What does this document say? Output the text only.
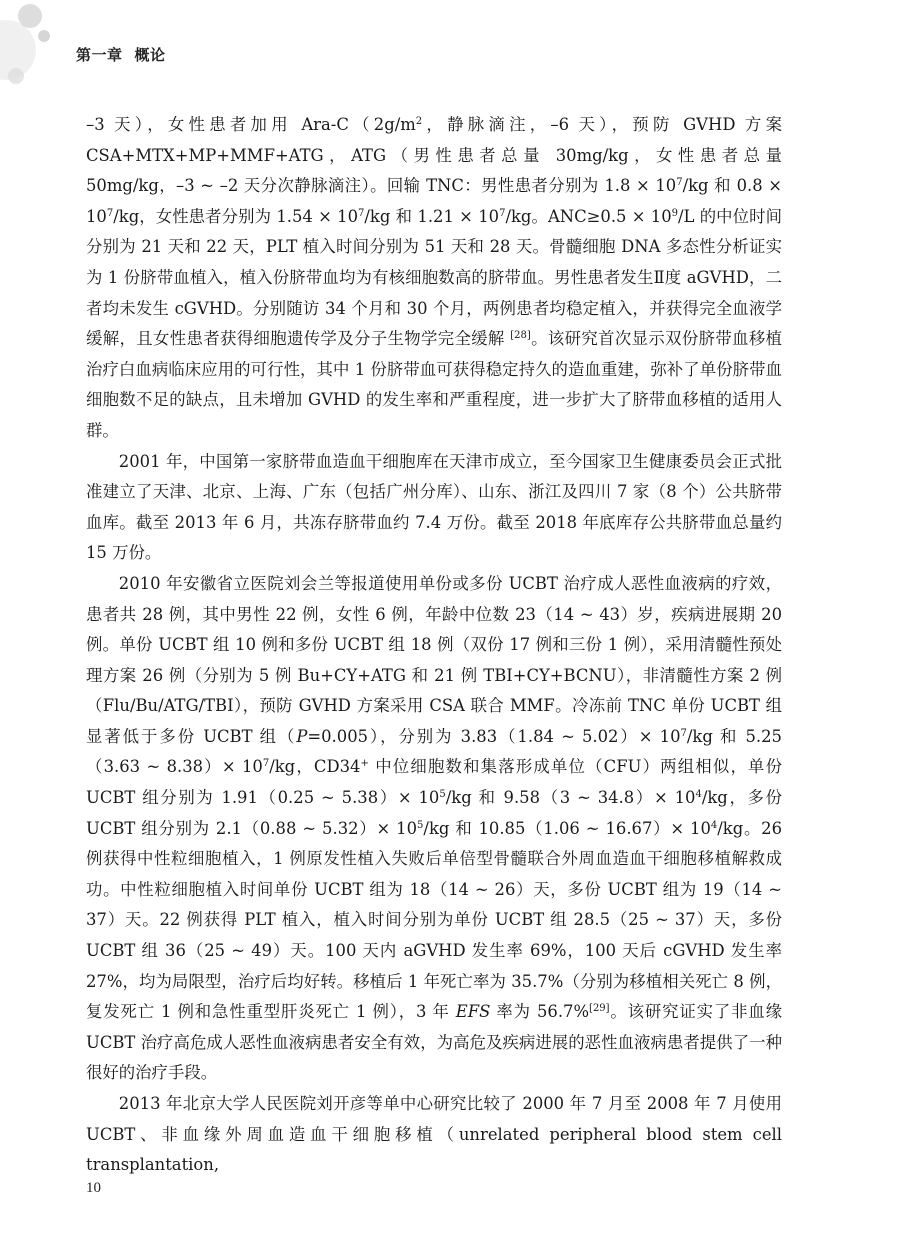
第一章 概论

–3 天），女性患者加用 Ara-$C(2g/m^2$，静脉滴注，–6 天），预防 GVHD 方案 CSA+MTX+MP+MMF+ATG，ATG（男性患者总量 30mg/kg，女性患者总量 50mg/kg，–3 ~ –2 天分次静脉滴注）。回输 TNC：男性患者分别为 $1.8 \times 10^7/kg$ 和 $0.8 \times 10^7/kg$，女性患者分别为 $1.54 \times 10^7/kg$ 和 $1.21 \times 10^7/kg$。$ANC\ge 0.5 \times 10^9/L$ 的中位时间分别为 21 天和 22 天，PLT 植入时间分别为 51 天和 28 天。骨髓细胞 DNA 多态性分析证实为 1 份脐带血植入，植入份脐带血均为有核细胞数高的脐带血。男性患者发生Ⅱ度 aGVHD，二者均未发生 cGVHD。分别随访 34 个月和 30 个月，两例患者均稳定植入，并获得完全血液学缓解，且女性患者获得细胞遗传学及分子生物学完全缓解 [28]。该研究首次显示双份脐带血移植治疗白血病临床应用的可行性，其中 1 份脐带血可获得稳定持久的造血重建，弥补了单份脐带血细胞数不足的缺点，且未增加 GVHD 的发生率和严重程度，进一步扩大了脐带血移植的适用人群。

2001 年，中国第一家脐带血造血干细胞库在天津市成立，至今国家卫生健康委员会正式批准建立了天津、北京、上海、广东（包括广州分库）、山东、浙江及四川 7 家（8 个）公共脐带血库。截至 2013 年 6 月，共冻存脐带血约 7.4 万份。截至 2018 年底库存公共脐带血总量约 15 万份。

2010 年安徽省立医院刘会兰等报道使用单份或多份 UCBT 治疗成人恶性血液病的疗效，患者共 28 例，其中男性 22 例，女性 6 例，年龄中位数 23（14 ~ 43）岁，疾病进展期 20 例。单份 UCBT 组 10 例和多份 UCBT 组 18 例（双份 17 例和三份 1 例），采用清髓性预处理方案 26 例（分别为 5 例 Bu+CY+ATG 和 21 例 TBI+CY+BCNU），非清髓性方案 2 例（Flu/Bu/ATG/TBI），预防 GVHD 方案采用 CSA 联合 MMF。冷冻前 TNC 单份 UCBT 组显著低于多份 UCBT 组（P=0.005），分别为 3.83（1.84 ~ $5.02)\times 10^7/kg$ 和 5.25（3.63 ~ $8.38)\times 10^7/kg$，CD34+ 中位细胞数和集落形成单位（CFU）两组相似，单份 UCBT 组分别为 1.91（0.25 ~ $5.38)\times 10^5/kg$ 和 9.58（3 ~ $34.8)\times 10^4/kg$，多份 UCBT 组分别为 2.1（0.88 ~ $5.32)\times 10^5/kg$ 和 10.85（1.06 ~ $16.67)\times 10^4/kg$。26 例获得中性粒细胞植入，1 例原发性植入失败后单倍型骨髓联合外周血造血干细胞移植解救成功。中性粒细胞植入时间单份 UCBT 组为 18（14 ~ 26）天，多份 UCBT 组为 19（14 ~ 37）天。22 例获得 PLT 植入，植入时间分别为单份 UCBT 组 28.5（25 ~ 37）天，多份 UCBT 组 36（25 ~ 49）天。100 天内 aGVHD 发生率 69%，100 天后 cGVHD 发生率 27%，均为局限型，治疗后均好转。移植后 1 年死亡率为 35.7%（分别为移植相关死亡 8 例，复发死亡 1 例和急性重型肝炎死亡 1 例），3 年 EFS 率为 56.7%[29]。该研究证实了非血缘 UCBT 治疗高危成人恶性血液病患者安全有效，为高危及疾病进展的恶性血液病患者提供了一种很好的治疗手段。

2013 年北京大学人民医院刘开彦等单中心研究比较了 2000 年 7 月至 2008 年 7 月使用 UCBT、非血缘外周血造血干细胞移植（unrelated peripheral blood stem cell transplantation,

10
